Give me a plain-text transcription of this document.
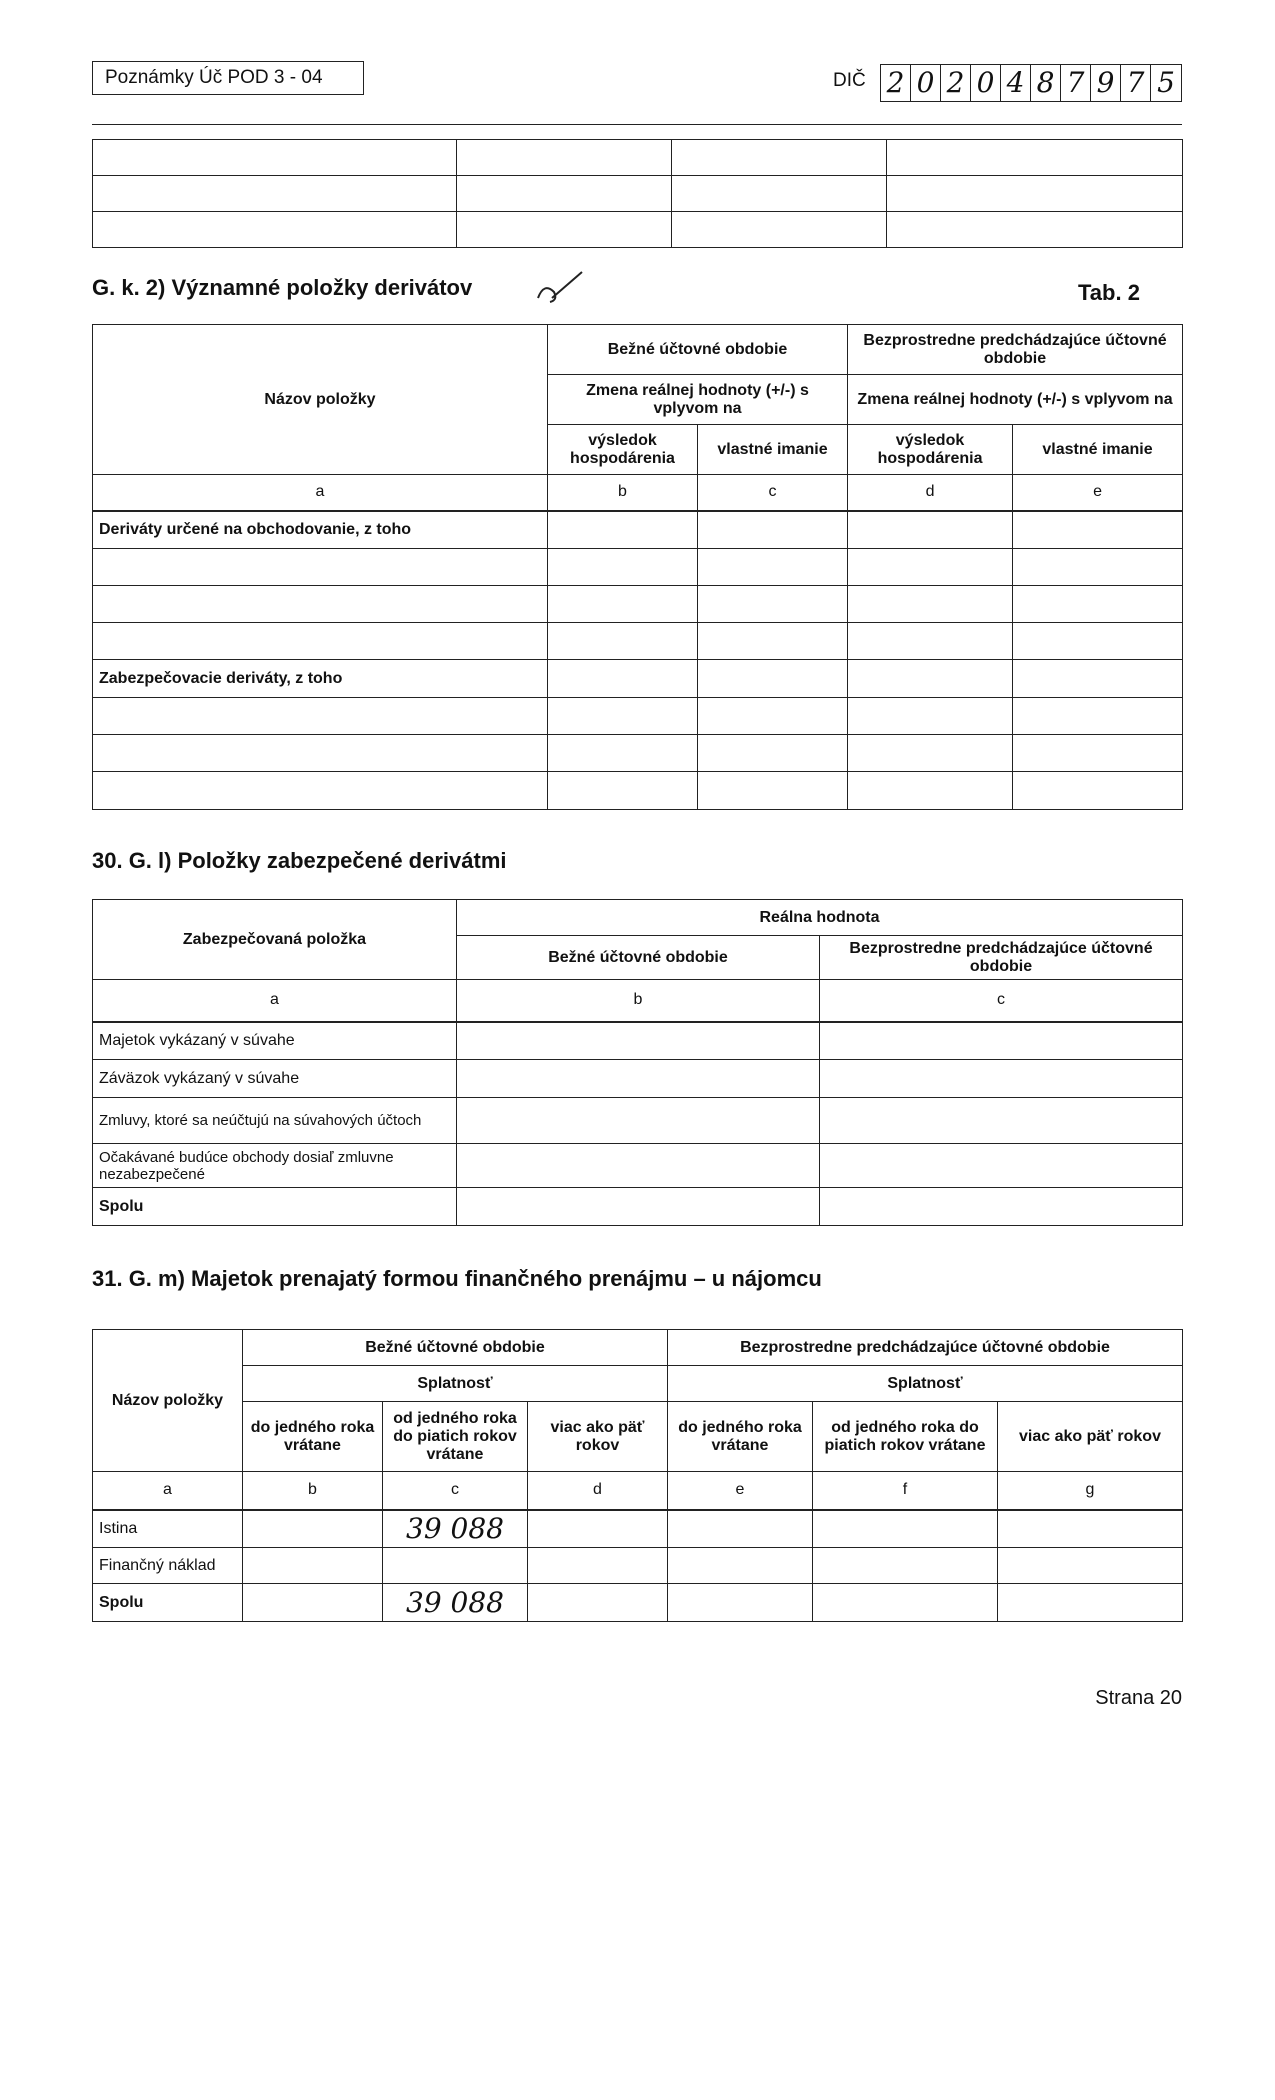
Poznámky Úč POD 3 - 04	DIČ 2 0 2 0 4 8 7 9 7 5

G. k. 2) Významné položky derivátov	Tab. 2
Názov položky	Bežné účtovné obdobie		Bezprostredne predchádzajúce účtovné obdobie	
	Zmena reálnej hodnoty (+/-) s vplyvom na		Zmena reálnej hodnoty (+/-) s vplyvom na	
	výsledok hospodárenia	vlastné imanie	výsledok hospodárenia	vlastné imanie
a	b	c	d	e
Deriváty určené na obchodovanie, z toho				

Zabezpečovacie deriváty, z toho				

30. G. l) Položky zabezpečené derivátmi
Zabezpečovaná položka	Reálna hodnota	
	Bežné účtovné obdobie	Bezprostredne predchádzajúce účtovné obdobie
a	b	c
Majetok vykázaný v súvahe		
Záväzok vykázaný v súvahe		
Zmluvy, ktoré sa neúčtujú na súvahových účtoch		
Očakávané budúce obchody dosiaľ zmluvne nezabezpečené		
Spolu		
31. G. m) Majetok prenajatý formou finančného prenájmu – u nájomcu
Názov položky	Bežné účtovné obdobie			Bezprostredne predchádzajúce účtovné obdobie		
	Splatnosť			Splatnosť		
	do jedného roka vrátane	od jedného roka do piatich rokov vrátane	viac ako päť rokov	do jedného roka vrátane	od jedného roka do piatich rokov vrátane	viac ako päť rokov
a	b	c	d	e	f	g
Istina		39 088				
Finančný náklad						
Spolu		39 088				
Strana 20
